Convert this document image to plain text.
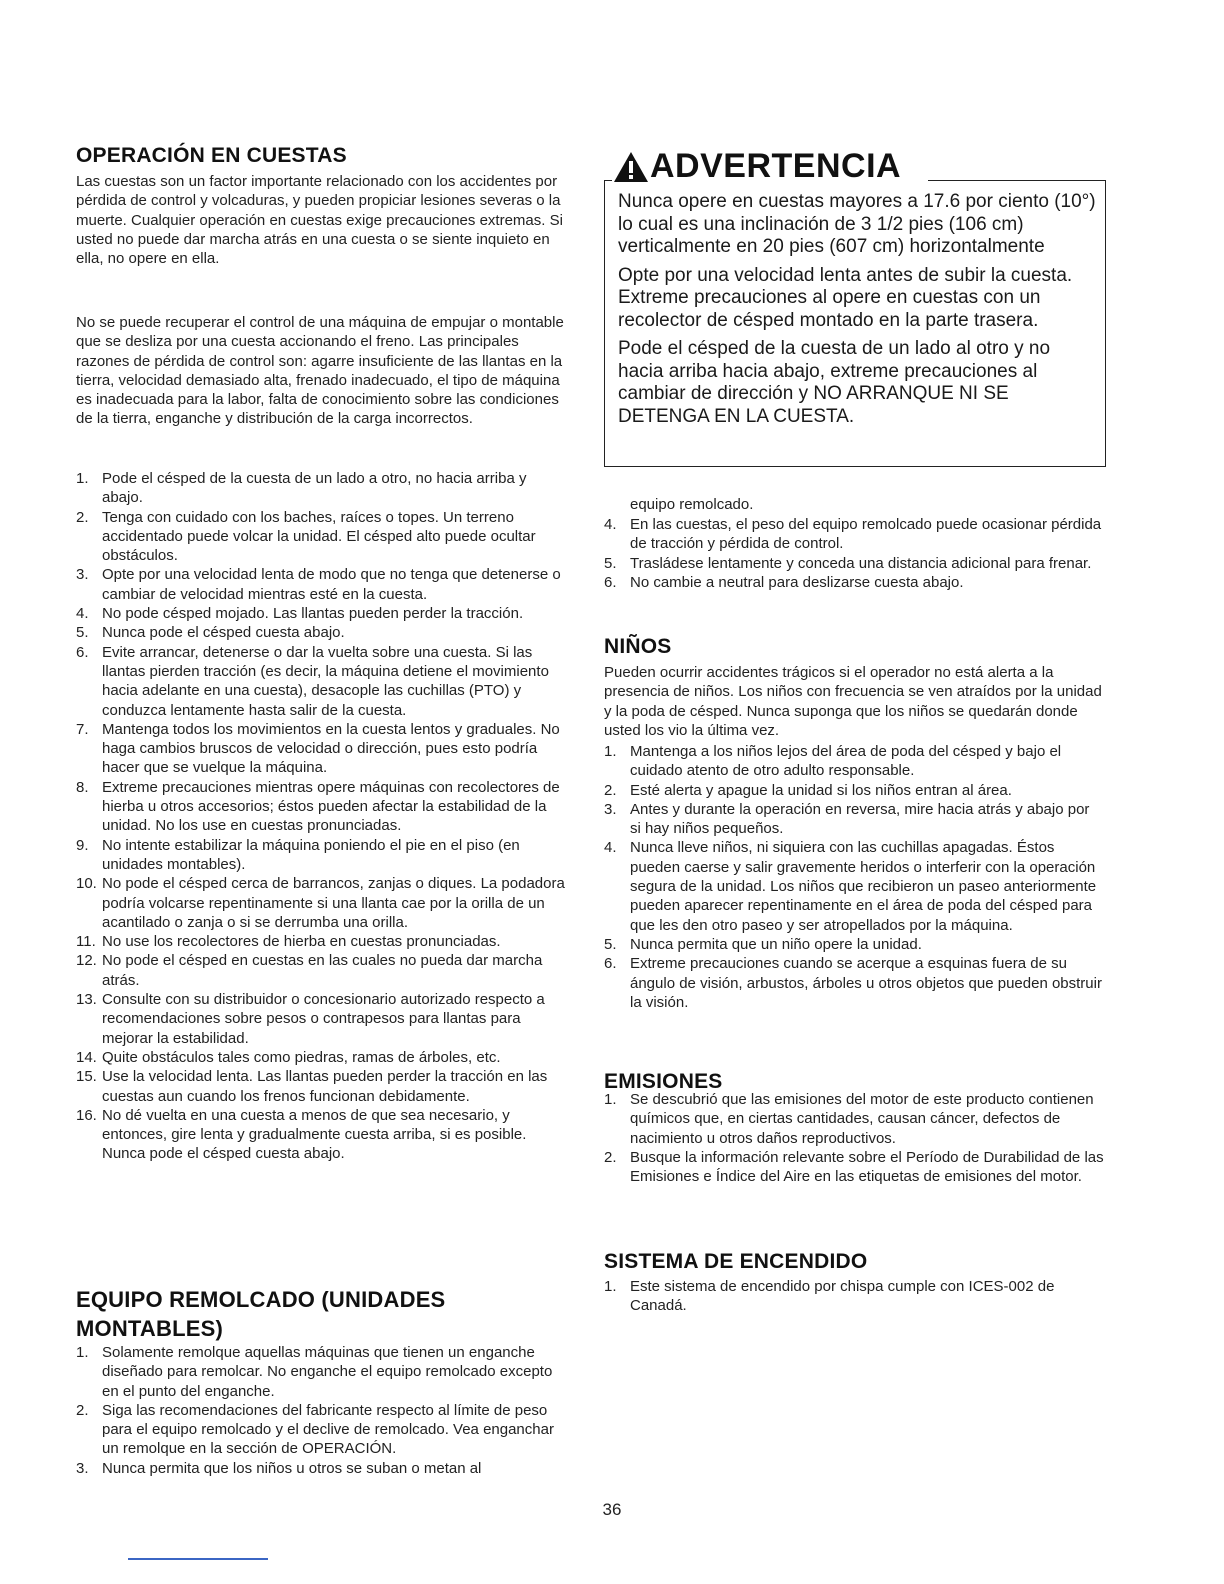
OPERACIÓN EN CUESTAS

Las cuestas son un factor importante relacionado con los accidentes por pérdida de control y volcaduras, y pueden propiciar lesiones severas o la muerte. Cualquier operación en cuestas exige precauciones extremas. Si usted no puede dar marcha atrás en una cuesta o se siente inquieto en ella, no opere en ella.

No se puede recuperar el control de una máquina de empujar o montable que se desliza por una cuesta accionando el freno. Las principales razones de pérdida de control son: agarre insuficiente de las llantas en la tierra, velocidad demasiado alta, frenado inadecuado, el tipo de máquina es inadecuada para la labor, falta de conocimiento sobre las condiciones de la tierra, enganche y distribución de la carga incorrectos.

1. Pode el césped de la cuesta de un lado a otro, no hacia arriba y abajo.
2. Tenga con cuidado con los baches, raíces o topes. Un terreno accidentado puede volcar la unidad. El césped alto puede ocultar obstáculos.
3. Opte por una velocidad lenta de modo que no tenga que detenerse o cambiar de velocidad mientras esté en la cuesta.
4. No pode césped mojado. Las llantas pueden perder la tracción.
5. Nunca pode el césped cuesta abajo.
6. Evite arrancar, detenerse o dar la vuelta sobre una cuesta. Si las llantas pierden tracción (es decir, la máquina detiene el movimiento hacia adelante en una cuesta), desacople las cuchillas (PTO) y conduzca lentamente hasta salir de la cuesta.
7. Mantenga todos los movimientos en la cuesta lentos y graduales. No haga cambios bruscos de velocidad o dirección, pues esto podría hacer que se vuelque la máquina.
8. Extreme precauciones mientras opere máquinas con recolectores de hierba u otros accesorios; éstos pueden afectar la estabilidad de la unidad. No los use en cuestas pronunciadas.
9. No intente estabilizar la máquina poniendo el pie en el piso (en unidades montables).
10. No pode el césped cerca de barrancos, zanjas o diques. La podadora podría volcarse repentinamente si una llanta cae por la orilla de un acantilado o zanja o si se derrumba una orilla.
11. No use los recolectores de hierba en cuestas pronunciadas.
12. No pode el césped en cuestas en las cuales no pueda dar marcha atrás.
13. Consulte con su distribuidor o concesionario autorizado respecto a recomendaciones sobre pesos o contrapesos para llantas para mejorar la estabilidad.
14. Quite obstáculos tales como piedras, ramas de árboles, etc.
15. Use la velocidad lenta. Las llantas pueden perder la tracción en las cuestas aun cuando los frenos funcionan debidamente.
16. No dé vuelta en una cuesta a menos de que sea necesario, y entonces, gire lenta y gradualmente cuesta arriba, si es posible. Nunca pode el césped cuesta abajo.
EQUIPO REMOLCADO (UNIDADES MONTABLES)
1. Solamente remolque aquellas máquinas que tienen un enganche diseñado para remolcar. No enganche el equipo remolcado excepto en el punto del enganche.
2. Siga las recomendaciones del fabricante respecto al límite de peso para el equipo remolcado y el declive de remolcado. Vea enganchar un remolque en la sección de OPERACIÓN.
3. Nunca permita que los niños u otros se suban o metan al
ADVERTENCIA

Nunca opere en cuestas mayores a 17.6 por ciento (10°) lo cual es una inclinación de 3 1/2 pies (106 cm) verticalmente en 20 pies (607 cm) horizontalmente

Opte por una velocidad lenta antes de subir la cuesta. Extreme precauciones al opere en cuestas con un recolector de césped montado en la parte trasera.

Pode el césped de la cuesta de un lado al otro y no hacia arriba hacia abajo, extreme precauciones al cambiar de dirección y NO ARRANQUE NI SE DETENGA EN LA CUESTA.

equipo remolcado.

4. En las cuestas, el peso del equipo remolcado puede ocasionar pérdida de tracción y pérdida de control.
5. Trasládese lentamente y conceda una distancia adicional para frenar.
6. No cambie a neutral para deslizarse cuesta abajo.
NIÑOS

Pueden ocurrir accidentes trágicos si el operador no está alerta a la presencia de niños. Los niños con frecuencia se ven atraídos por la unidad y la poda de césped. Nunca suponga que los niños se quedarán donde usted los vio la última vez.

1. Mantenga a los niños lejos del área de poda del césped y bajo el cuidado atento de otro adulto responsable.
2. Esté alerta y apague la unidad si los niños entran al área.
3. Antes y durante la operación en reversa, mire hacia atrás y abajo por si hay niños pequeños.
4. Nunca lleve niños, ni siquiera con las cuchillas apagadas. Éstos pueden caerse y salir gravemente heridos o interferir con la operación segura de la unidad. Los niños que recibieron un paseo anteriormente pueden aparecer repentinamente en el área de poda del césped para que les den otro paseo y ser atropellados por la máquina.
5. Nunca permita que un niño opere la unidad.
6. Extreme precauciones cuando se acerque a esquinas fuera de su ángulo de visión, arbustos, árboles u otros objetos que pueden obstruir la visión.
EMISIONES
1. Se descubrió que las emisiones del motor de este producto contienen químicos que, en ciertas cantidades, causan cáncer, defectos de nacimiento u otros daños reproductivos.
2. Busque la información relevante sobre el Período de Durabilidad de las Emisiones e Índice del Aire en las etiquetas de emisiones del motor.
SISTEMA DE ENCENDIDO
1. Este sistema de encendido por chispa cumple con ICES-002 de Canadá.
36
